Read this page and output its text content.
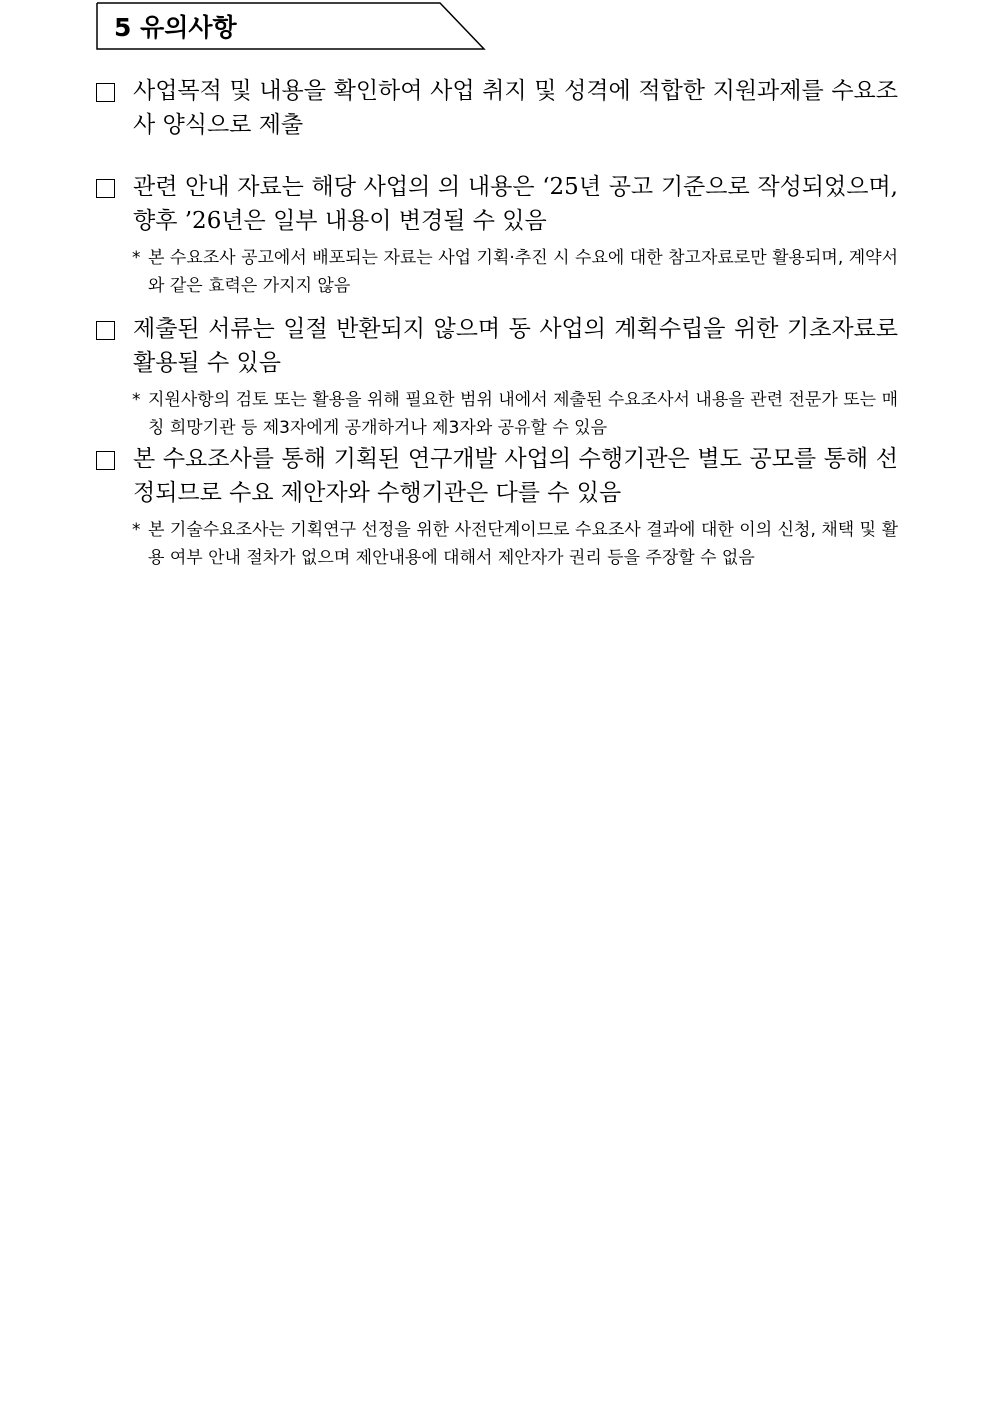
5 유의사항
사업목적 및 내용을 확인하여 사업 취지 및 성격에 적합한 지원과제를 수요조사 양식으로 제출
관련 안내 자료는 해당 사업의 의 내용은 ‘25년 공고 기준으로 작성되었으며, 향후 ’26년은 일부 내용이 변경될 수 있음
* 본 수요조사 공고에서 배포되는 자료는 사업 기획·추진 시 수요에 대한 참고자료로만 활용되며, 계약서와 같은 효력은 가지지 않음
제출된 서류는 일절 반환되지 않으며 동 사업의 계획수립을 위한 기초자료로 활용될 수 있음
* 지원사항의 검토 또는 활용을 위해 필요한 범위 내에서 제출된 수요조사서 내용을 관련 전문가 또는 매칭 희망기관 등 제3자에게 공개하거나 제3자와 공유할 수 있음
본 수요조사를 통해 기획된 연구개발 사업의 수행기관은 별도 공모를 통해 선정되므로 수요 제안자와 수행기관은 다를 수 있음
* 본 기술수요조사는 기획연구 선정을 위한 사전단계이므로 수요조사 결과에 대한 이의 신청, 채택 및 활용 여부 안내 절차가 없으며 제안내용에 대해서 제안자가 권리 등을 주장할 수 없음
